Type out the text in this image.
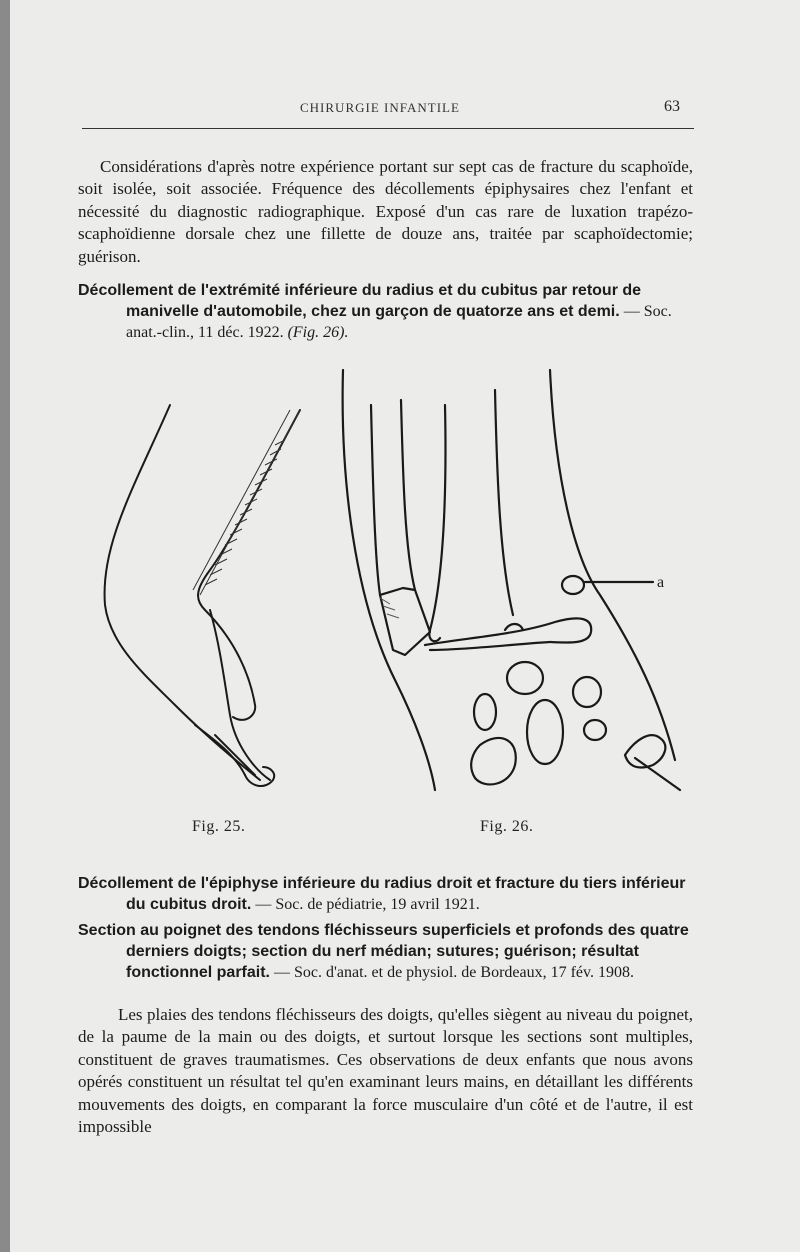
CHIRURGIE INFANTILE	63

Considérations d'après notre expérience portant sur sept cas de fracture du scaphoïde, soit isolée, soit associée. Fréquence des décollements épiphysaires chez l'enfant et nécessité du diagnostic radiographique. Exposé d'un cas rare de luxation trapézo-scaphoïdienne dorsale chez une fillette de douze ans, traitée par scaphoïdectomie; guérison.

Décollement de l'extrémité inférieure du radius et du cubitus par retour de manivelle d'automobile, chez un garçon de quatorze ans et demi. — Soc. anat.-clin., 11 déc. 1922. (Fig. 26).
a
Fig. 25.	Fig. 26.
Décollement de l'épiphyse inférieure du radius droit et fracture du tiers inférieur du cubitus droit. — Soc. de pédiatrie, 19 avril 1921.
Section au poignet des tendons fléchisseurs superficiels et profonds des quatre derniers doigts; section du nerf médian; sutures; guérison; résultat fonctionnel parfait. — Soc. d'anat. et de physiol. de Bordeaux, 17 fév. 1908.

Les plaies des tendons fléchisseurs des doigts, qu'elles siègent au niveau du poignet, de la paume de la main ou des doigts, et surtout lorsque les sections sont multiples, constituent de graves traumatismes. Ces observations de deux enfants que nous avons opérés constituent un résultat tel qu'en examinant leurs mains, en détaillant les différents mouvements des doigts, en comparant la force musculaire d'un côté et de l'autre, il est impossible
